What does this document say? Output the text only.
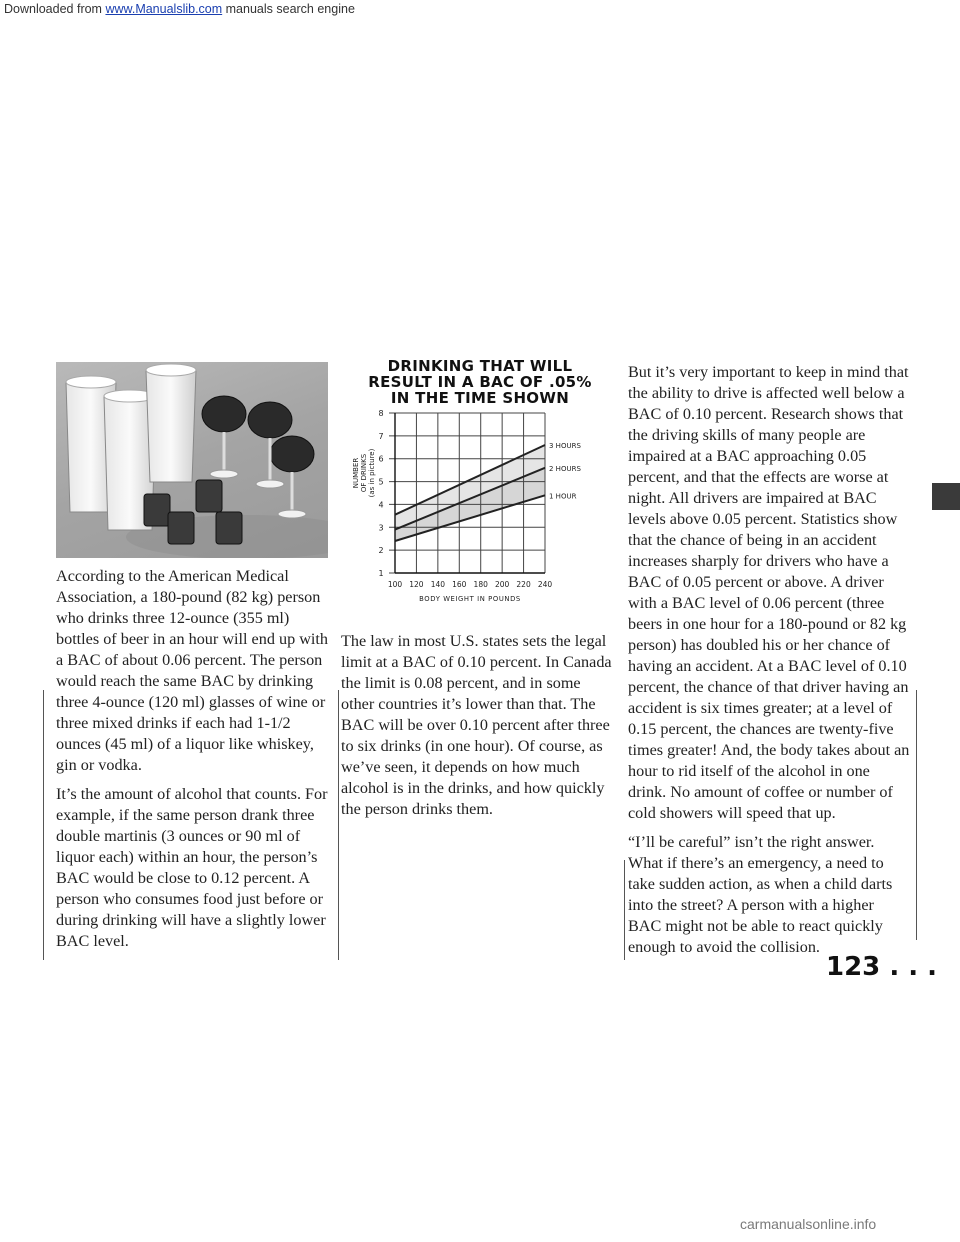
Downloaded from www.Manualslib.com manuals search engine

According to the American Medical Association, a 180-pound (82 kg) person who drinks three 12-ounce (355 ml) bottles of beer in an hour will end up with a BAC of about 0.06 percent. The person would reach the same BAC by drinking three 4-ounce (120 ml) glasses of wine or three mixed drinks if each had 1-1/2 ounces (45 ml) of a liquor like whiskey, gin or vodka.

It’s the amount of alcohol that counts. For example, if the same person drank three double martinis (3 ounces or 90 ml of liquor each) within an hour, the person’s BAC would be close to 0.12 percent. A person who consumes food just before or during drinking will have a slightly lower BAC level.

DRINKING THAT WILL
RESULT IN A BAC OF .05%
IN THE TIME SHOWN
100 120 140 160 180 200 220 240
1
2
3
4
5
6
7
8
3 HOURS
2 HOURS
1 HOUR
BODY WEIGHT IN POUNDS
NUMBER OF DRINKS (as in picture)

The law in most U.S. states sets the legal limit at a BAC of 0.10 percent. In Canada the limit is 0.08 percent, and in some other countries it’s lower than that. The BAC will be over 0.10 percent after three to six drinks (in one hour). Of course, as we’ve seen, it depends on how much alcohol is in the drinks, and how quickly the person drinks them.

But it’s very important to keep in mind that the ability to drive is affected well below a BAC of 0.10 percent. Research shows that the driving skills of many people are impaired at a BAC approaching 0.05 percent, and that the effects are worse at night. All drivers are impaired at BAC levels above 0.05 percent. Statistics show that the chance of being in an accident increases sharply for drivers who have a BAC of 0.05 percent or above. A driver with a BAC level of 0.06 percent (three beers in one hour for a 180-pound or 82 kg person) has doubled his or her chance of having an accident. At a BAC level of 0.10 percent, the chance of that driver having an accident is six times greater; at a level of 0.15 percent, the chances are twenty-five times greater! And, the body takes about an hour to rid itself of the alcohol in one drink. No amount of coffee or number of cold showers will speed that up.

“I’ll be careful” isn’t the right answer. What if there’s an emergency, a need to take sudden action, as when a child darts into the street? A person with a higher BAC might not be able to react quickly enough to avoid the collision.

123 . . .
carmanualsonline.info
